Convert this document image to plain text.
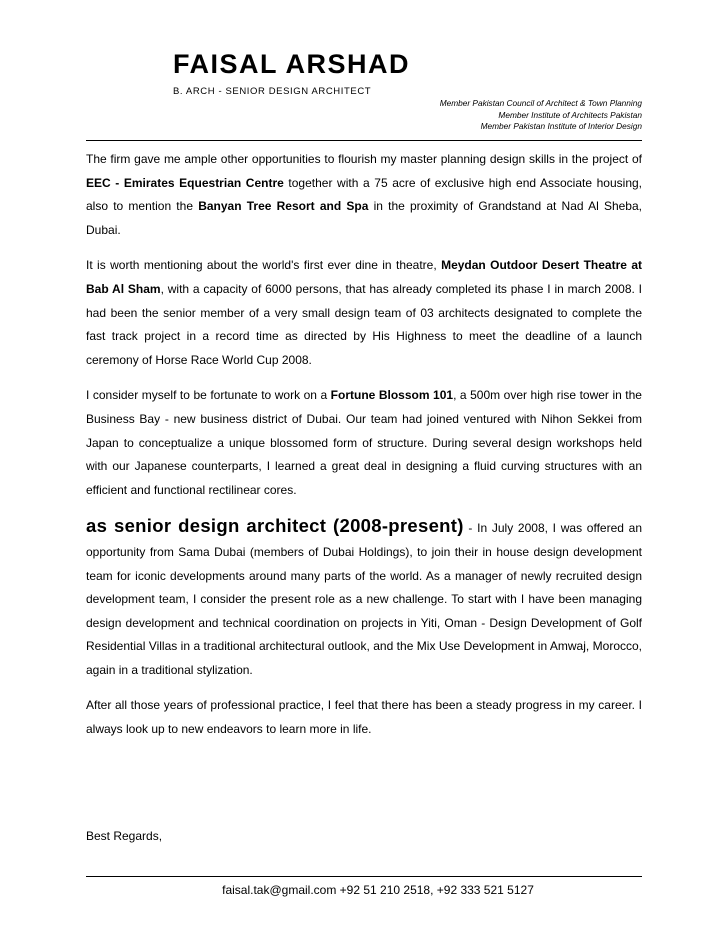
FAISAL ARSHAD
B. ARCH - SENIOR DESIGN ARCHITECT
Member Pakistan Council of Architect & Town Planning
Member Institute of Architects Pakistan
Member Pakistan Institute of Interior Design

The firm gave me ample other opportunities to flourish my master planning design skills in the project of EEC - Emirates Equestrian Centre together with a 75 acre of exclusive high end Associate housing, also to mention the Banyan Tree Resort and Spa in the proximity of Grandstand at Nad Al Sheba, Dubai.

It is worth mentioning about the world's first ever dine in theatre, Meydan Outdoor Desert Theatre at Bab Al Sham, with a capacity of 6000 persons, that has already completed its phase I in march 2008. I had been the senior member of a very small design team of 03 architects designated to complete the fast track project in a record time as directed by His Highness to meet the deadline of a launch ceremony of Horse Race World Cup 2008.

I consider myself to be fortunate to work on a Fortune Blossom 101, a 500m over high rise tower in the Business Bay - new business district of Dubai. Our team had joined ventured with Nihon Sekkei from Japan to conceptualize a unique blossomed form of structure. During several design workshops held with our Japanese counterparts, I learned a great deal in designing a fluid curving structures with an efficient and functional rectilinear cores.

as senior design architect (2008-present) - In July 2008, I was offered an opportunity from Sama Dubai (members of Dubai Holdings), to join their in house design development team for iconic developments around many parts of the world. As a manager of newly recruited design development team, I consider the present role as a new challenge. To start with I have been managing design development and technical coordination on projects in Yiti, Oman - Design Development of Golf Residential Villas in a traditional architectural outlook, and the Mix Use Development in Amwaj, Morocco, again in a traditional stylization.

After all those years of professional practice, I feel that there has been a steady progress in my career. I always look up to new endeavors to learn more in life.

Best Regards,
faisal.tak@gmail.com +92 51 210 2518, +92 333 521 5127
